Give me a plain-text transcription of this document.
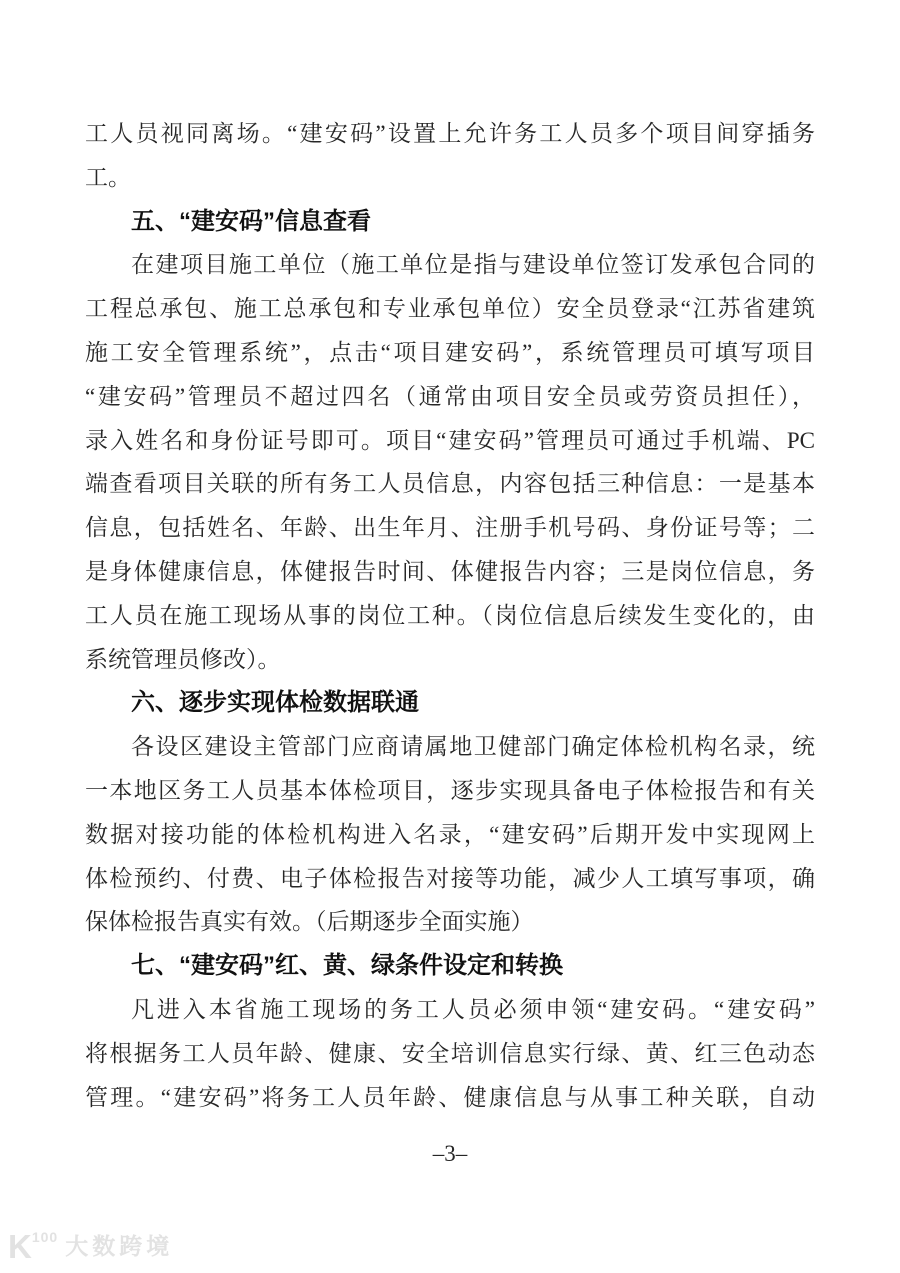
工人员视同离场。“建安码”设置上允许务工人员多个项目间穿插务
工。
五、“建安码”信息查看
在建项目施工单位（施工单位是指与建设单位签订发承包合同的
工程总承包、施工总承包和专业承包单位）安全员登录“江苏省建筑
施工安全管理系统”，点击“项目建安码”，系统管理员可填写项目
“建安码”管理员不超过四名（通常由项目安全员或劳资员担任），
录入姓名和身份证号即可。项目“建安码”管理员可通过手机端、PC
端查看项目关联的所有务工人员信息，内容包括三种信息：一是基本
信息，包括姓名、年龄、出生年月、注册手机号码、身份证号等；二
是身体健康信息，体健报告时间、体健报告内容；三是岗位信息，务
工人员在施工现场从事的岗位工种。（岗位信息后续发生变化的，由
系统管理员修改）。
六、逐步实现体检数据联通
各设区建设主管部门应商请属地卫健部门确定体检机构名录，统
一本地区务工人员基本体检项目，逐步实现具备电子体检报告和有关
数据对接功能的体检机构进入名录，“建安码”后期开发中实现网上
体检预约、付费、电子体检报告对接等功能，减少人工填写事项，确
保体检报告真实有效。（后期逐步全面实施）
七、“建安码”红、黄、绿条件设定和转换
凡进入本省施工现场的务工人员必须申领“建安码。“建安码”
将根据务工人员年龄、健康、安全培训信息实行绿、黄、红三色动态
管理。“建安码”将务工人员年龄、健康信息与从事工种关联，自动
–3–
K 100 大数跨境
